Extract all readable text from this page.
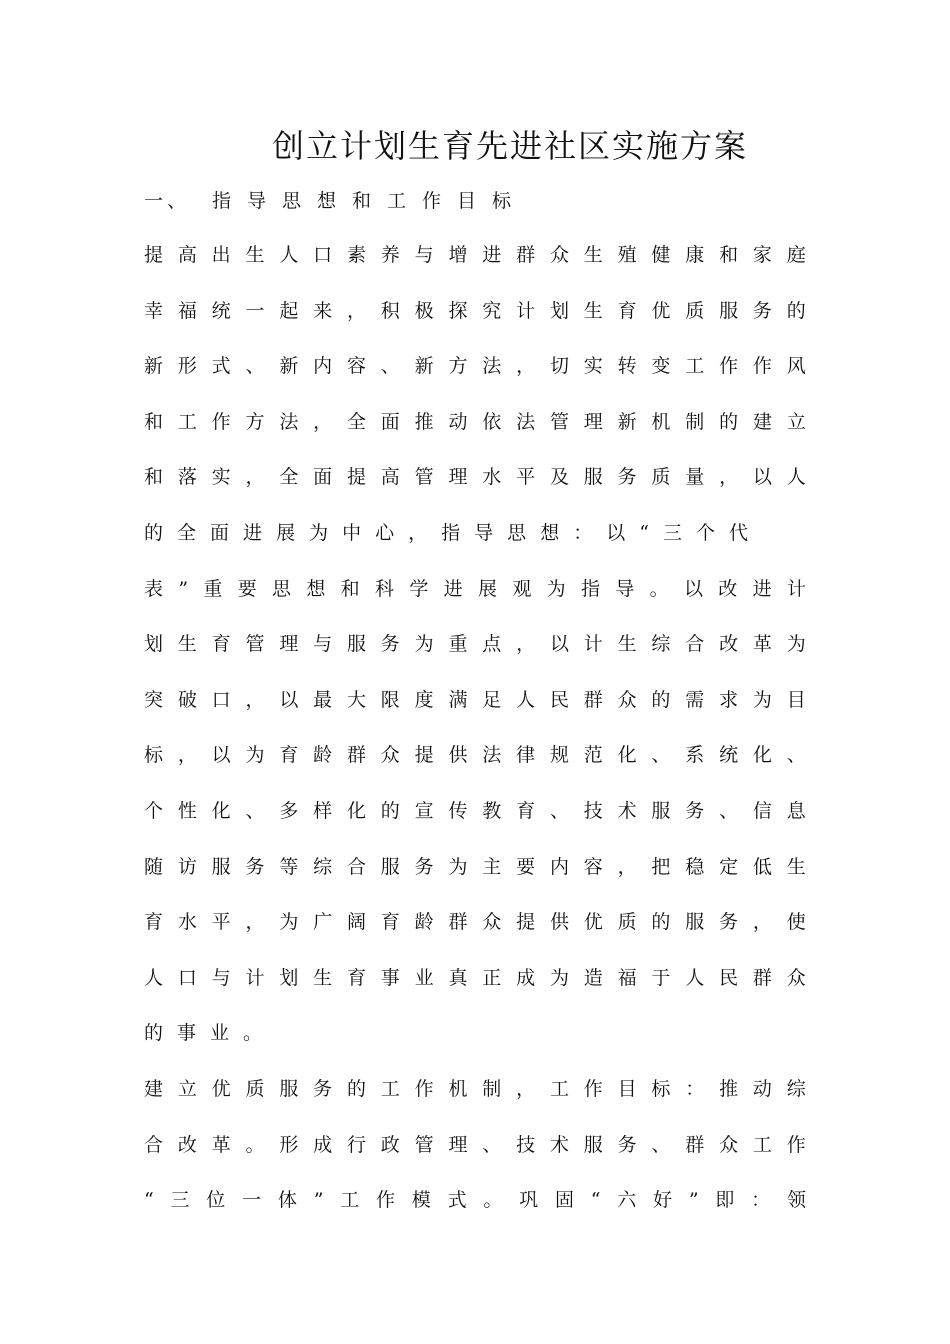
创立计划生育先进社区实施方案
一、 指导思想和工作目标
提 高 出 生 人 口 素 养 与 增 进 群 众 生 殖 健 康 和 家 庭
幸 福 统 一 起 来 ， 积 极 探 究 计 划 生 育 优 质 服 务 的
新 形 式 、 新 内 容 、 新 方 法 ， 切 实 转 变 工 作 作 风
和 工 作 方 法 ， 全 面 推 动 依 法 管 理 新 机 制 的 建 立
和 落 实 ， 全 面 提 高 管 理 水 平 及 服 务 质 量 ， 以 人
的 全 面 进 展 为 中 心 ， 指 导 思 想 ： 以 “ 三 个 代
表 ” 重 要 思 想 和 科 学 进 展 观 为 指 导 。 以 改 进 计
划 生 育 管 理 与 服 务 为 重 点 ， 以 计 生 综 合 改 革 为
突 破 口 ， 以 最 大 限 度 满 足 人 民 群 众 的 需 求 为 目
标 ， 以 为 育 龄 群 众 提 供 法 律 规 范 化 、 系 统 化 、
个 性 化 、 多 样 化 的 宣 传 教 育 、 技 术 服 务 、 信 息
随 访 服 务 等 综 合 服 务 为 主 要 内 容 ， 把 稳 定 低 生
育 水 平 ， 为 广 阔 育 龄 群 众 提 供 优 质 的 服 务 ， 使
人 口 与 计 划 生 育 事 业 真 正 成 为 造 福 于 人 民 群 众
的 事 业 。
建 立 优 质 服 务 的 工 作 机 制 ， 工 作 目 标 ： 推 动 综
合 改 革 。 形 成 行 政 管 理 、 技 术 服 务 、 群 众 工 作
“ 三 位 一 体 ” 工 作 模 式 。 巩 固 “ 六 好 ” 即 ： 领
